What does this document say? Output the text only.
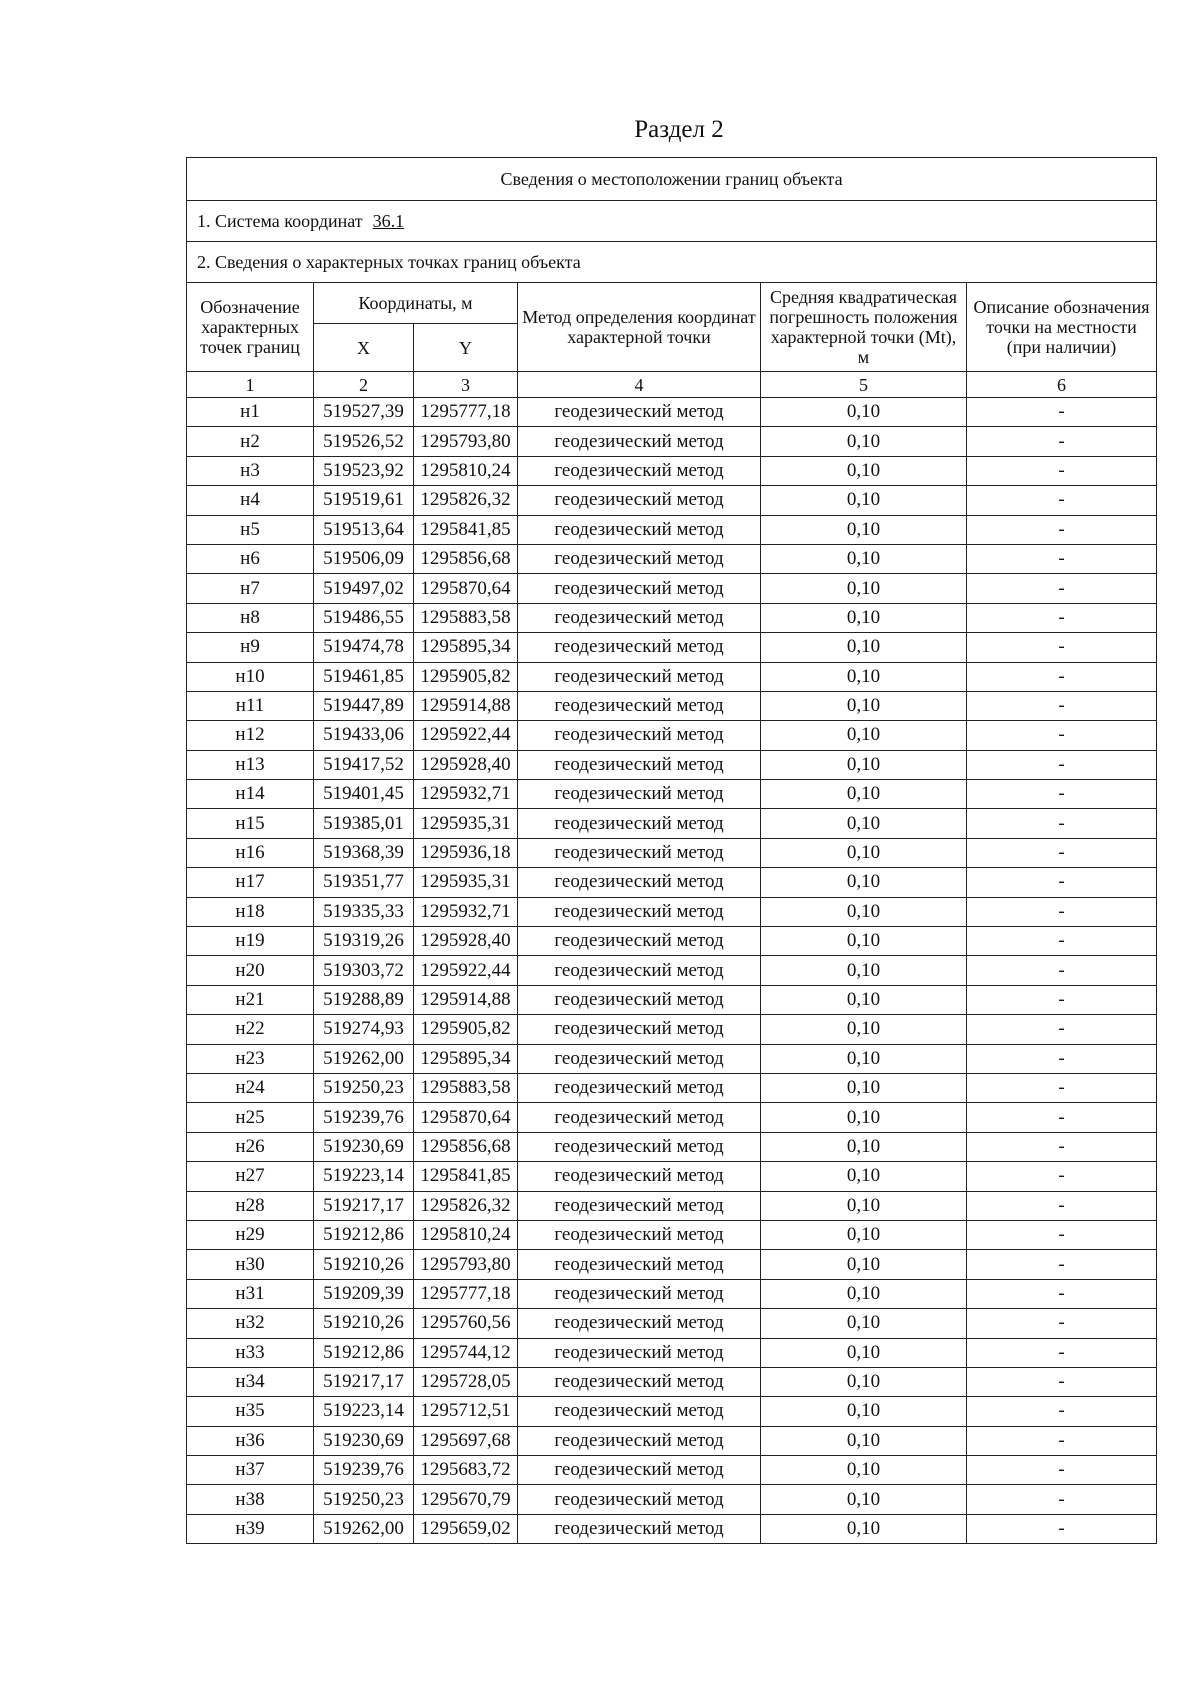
Раздел 2
Сведения о местоположении границ объекта					
1. Система координат 36.1					
2. Сведения о характерных точках границ объекта					
Обозначение характерных точек границ	Координаты, м		Метод определения координат характерной точки	Средняя квадратическая погрешность положения характерной точки (Mt), м	Описание обозначения точки на местности (при наличии)
	X	Y			
1	2	3	4	5	6
н1	519527,39	1295777,18	геодезический метод	0,10	-
н2	519526,52	1295793,80	геодезический метод	0,10	-
н3	519523,92	1295810,24	геодезический метод	0,10	-
н4	519519,61	1295826,32	геодезический метод	0,10	-
н5	519513,64	1295841,85	геодезический метод	0,10	-
н6	519506,09	1295856,68	геодезический метод	0,10	-
н7	519497,02	1295870,64	геодезический метод	0,10	-
н8	519486,55	1295883,58	геодезический метод	0,10	-
н9	519474,78	1295895,34	геодезический метод	0,10	-
н10	519461,85	1295905,82	геодезический метод	0,10	-
н11	519447,89	1295914,88	геодезический метод	0,10	-
н12	519433,06	1295922,44	геодезический метод	0,10	-
н13	519417,52	1295928,40	геодезический метод	0,10	-
н14	519401,45	1295932,71	геодезический метод	0,10	-
н15	519385,01	1295935,31	геодезический метод	0,10	-
н16	519368,39	1295936,18	геодезический метод	0,10	-
н17	519351,77	1295935,31	геодезический метод	0,10	-
н18	519335,33	1295932,71	геодезический метод	0,10	-
н19	519319,26	1295928,40	геодезический метод	0,10	-
н20	519303,72	1295922,44	геодезический метод	0,10	-
н21	519288,89	1295914,88	геодезический метод	0,10	-
н22	519274,93	1295905,82	геодезический метод	0,10	-
н23	519262,00	1295895,34	геодезический метод	0,10	-
н24	519250,23	1295883,58	геодезический метод	0,10	-
н25	519239,76	1295870,64	геодезический метод	0,10	-
н26	519230,69	1295856,68	геодезический метод	0,10	-
н27	519223,14	1295841,85	геодезический метод	0,10	-
н28	519217,17	1295826,32	геодезический метод	0,10	-
н29	519212,86	1295810,24	геодезический метод	0,10	-
н30	519210,26	1295793,80	геодезический метод	0,10	-
н31	519209,39	1295777,18	геодезический метод	0,10	-
н32	519210,26	1295760,56	геодезический метод	0,10	-
н33	519212,86	1295744,12	геодезический метод	0,10	-
н34	519217,17	1295728,05	геодезический метод	0,10	-
н35	519223,14	1295712,51	геодезический метод	0,10	-
н36	519230,69	1295697,68	геодезический метод	0,10	-
н37	519239,76	1295683,72	геодезический метод	0,10	-
н38	519250,23	1295670,79	геодезический метод	0,10	-
н39	519262,00	1295659,02	геодезический метод	0,10	-
